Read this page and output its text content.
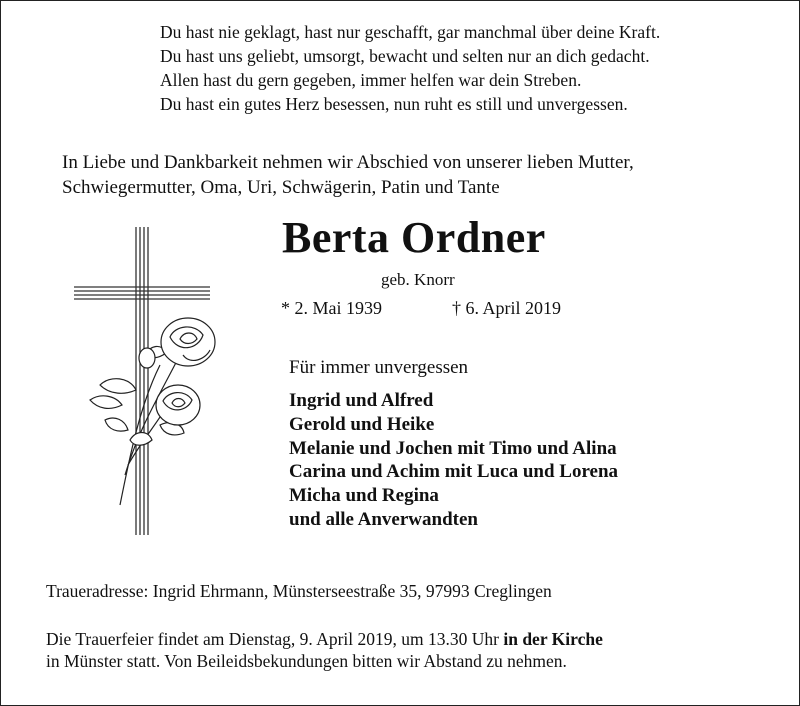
Du hast nie geklagt, hast nur geschafft, gar manchmal über deine Kraft.
Du hast uns geliebt, umsorgt, bewacht und selten nur an dich gedacht.
Allen hast du gern gegeben, immer helfen war dein Streben.
Du hast ein gutes Herz besessen, nun ruht es still und unvergessen.
In Liebe und Dankbarkeit nehmen wir Abschied von unserer lieben Mutter,
Schwiegermutter, Oma, Uri, Schwägerin, Patin und Tante
Berta Ordner
geb. Knorr
* 2. Mai 1939	† 6. April 2019
Für immer unvergessen
Ingrid und Alfred
Gerold und Heike
Melanie und Jochen mit Timo und Alina
Carina und Achim mit Luca und Lorena
Micha und Regina
und alle Anverwandten
Traueradresse: Ingrid Ehrmann, Münsterseestraße 35, 97993 Creglingen
Die Trauerfeier findet am Dienstag, 9. April 2019, um 13.30 Uhr in der Kirche
in Münster statt. Von Beileidsbekundungen bitten wir Abstand zu nehmen.
